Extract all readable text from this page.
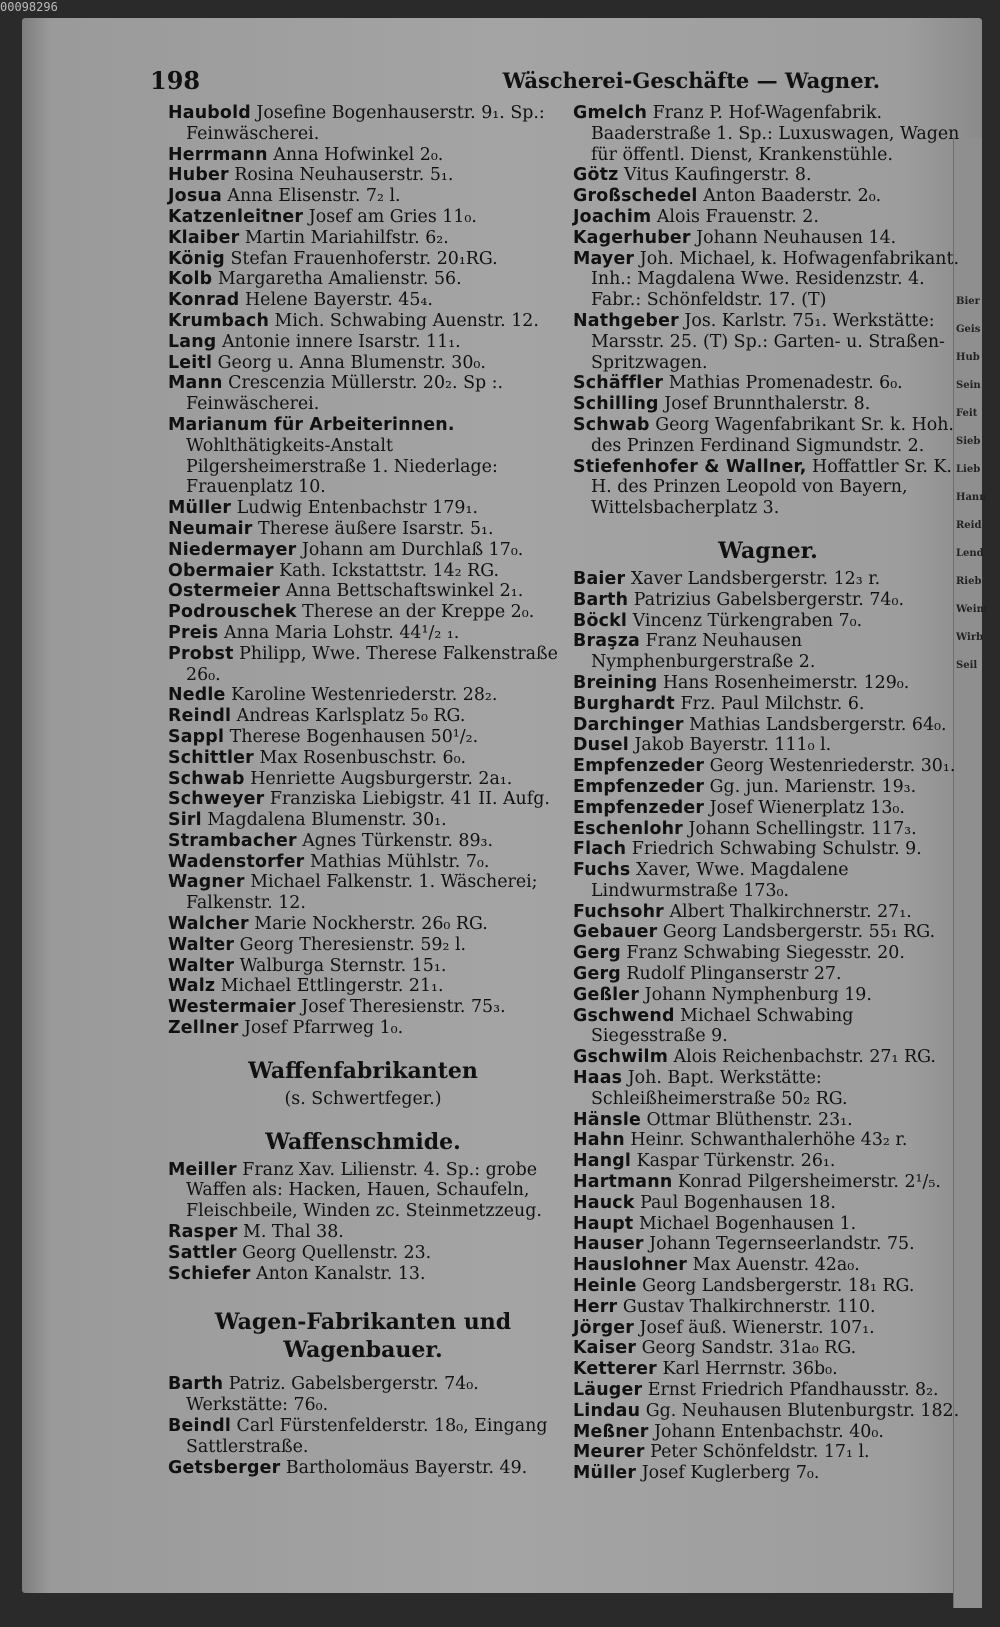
00098296
Bier
Geis
Hub
Sein
Feit
Sieb
Lieb
Hann
Reid
Lend
Rieb
Weim
Wirb
Seil
198	Wäscherei-Geschäfte — Wagner.

Haubold Josefine Bogenhauserstr. 9₁. Sp.: Feinwäscherei.

Herrmann Anna Hofwinkel 2₀.

Huber Rosina Neuhauserstr. 5₁.

Josua Anna Elisenstr. 7₂ l.

Katzenleitner Josef am Gries 11₀.

Klaiber Martin Mariahilfstr. 6₂.

König Stefan Frauenhoferstr. 20₁RG.

Kolb Margaretha Amalienstr. 56.

Konrad Helene Bayerstr. 45₄.

Krumbach Mich. Schwabing Auenstr. 12.

Lang Antonie innere Isarstr. 11₁.

Leitl Georg u. Anna Blumenstr. 30₀.

Mann Crescenzia Müllerstr. 20₂. Sp :. Feinwäscherei.

Marianum für Arbeiterinnen. Wohlthätigkeits-Anstalt Pilgersheimerstraße 1. Niederlage: Frauenplatz 10.

Müller Ludwig Entenbachstr 179₁.

Neumair Therese äußere Isarstr. 5₁.

Niedermayer Johann am Durchlaß 17₀.

Obermaier Kath. Ickstattstr. 14₂ RG.

Ostermeier Anna Bettschaftswinkel 2₁.

Podrouschek Therese an der Kreppe 2₀.

Preis Anna Maria Lohstr. 44¹/₂ ₁.

Probst Philipp, Wwe. Therese Falkenstraße 26₀.

Nedle Karoline Westenriederstr. 28₂.

Reindl Andreas Karlsplatz 5₀ RG.

Sappl Therese Bogenhausen 50¹/₂.

Schittler Max Rosenbuschstr. 6₀.

Schwab Henriette Augsburgerstr. 2a₁.

Schweyer Franziska Liebigstr. 41 II. Aufg.

Sirl Magdalena Blumenstr. 30₁.

Strambacher Agnes Türkenstr. 89₃.

Wadenstorfer Mathias Mühlstr. 7₀.

Wagner Michael Falkenstr. 1. Wäscherei; Falkenstr. 12.

Walcher Marie Nockherstr. 26₀ RG.

Walter Georg Theresienstr. 59₂ l.

Walter Walburga Sternstr. 15₁.

Walz Michael Ettlingerstr. 21₁.

Westermaier Josef Theresienstr. 75₃.

Zellner Josef Pfarrweg 1₀.

Waffenfabrikanten
(s. Schwertfeger.)
Waffenschmide.

Meiller Franz Xav. Lilienstr. 4. Sp.: grobe Waffen als: Hacken, Hauen, Schaufeln, Fleischbeile, Winden zc. Steinmetzzeug.

Rasper M. Thal 38.

Sattler Georg Quellenstr. 23.

Schiefer Anton Kanalstr. 13.

Wagen-Fabrikanten und Wagenbauer.

Barth Patriz. Gabelsbergerstr. 74₀. Werkstätte: 76₀.

Beindl Carl Fürstenfelderstr. 18₀, Eingang Sattlerstraße.

Getsberger Bartholomäus Bayerstr. 49.

Gmelch Franz P. Hof-Wagenfabrik. Baaderstraße 1. Sp.: Luxuswagen, Wagen für öffentl. Dienst, Krankenstühle.

Götz Vitus Kaufingerstr. 8.

Großschedel Anton Baaderstr. 2₀.

Joachim Alois Frauenstr. 2.

Kagerhuber Johann Neuhausen 14.

Mayer Joh. Michael, k. Hofwagenfabrikant. Inh.: Magdalena Wwe. Residenzstr. 4. Fabr.: Schönfeldstr. 17. (T)

Nathgeber Jos. Karlstr. 75₁. Werkstätte: Marsstr. 25. (T) Sp.: Garten- u. Straßen-Spritzwagen.

Schäffler Mathias Promenadestr. 6₀.

Schilling Josef Brunnthalerstr. 8.

Schwab Georg Wagenfabrikant Sr. k. Hoh. des Prinzen Ferdinand Sigmundstr. 2.

Stiefenhofer & Wallner, Hoffattler Sr. K. H. des Prinzen Leopold von Bayern, Wittelsbacherplatz 3.

Wagner.

Baier Xaver Landsbergerstr. 12₃ r.

Barth Patrizius Gabelsbergerstr. 74₀.

Böckl Vincenz Türkengraben 7₀.

Braşza Franz Neuhausen Nymphenburgerstraße 2.

Breining Hans Rosenheimerstr. 129₀.

Burghardt Frz. Paul Milchstr. 6.

Darchinger Mathias Landsbergerstr. 64₀.

Dusel Jakob Bayerstr. 111₀ l.

Empfenzeder Georg Westenriederstr. 30₁.

Empfenzeder Gg. jun. Marienstr. 19₃.

Empfenzeder Josef Wienerplatz 13₀.

Eschenlohr Johann Schellingstr. 117₃.

Flach Friedrich Schwabing Schulstr. 9.

Fuchs Xaver, Wwe. Magdalene Lindwurmstraße 173₀.

Fuchsohr Albert Thalkirchnerstr. 27₁.

Gebauer Georg Landsbergerstr. 55₁ RG.

Gerg Franz Schwabing Siegesstr. 20.

Gerg Rudolf Plinganserstr 27.

Geßler Johann Nymphenburg 19.

Gschwend Michael Schwabing Siegesstraße 9.

Gschwilm Alois Reichenbachstr. 27₁ RG.

Haas Joh. Bapt. Werkstätte: Schleißheimerstraße 50₂ RG.

Hänsle Ottmar Blüthenstr. 23₁.

Hahn Heinr. Schwanthalerhöhe 43₂ r.

Hangl Kaspar Türkenstr. 26₁.

Hartmann Konrad Pilgersheimerstr. 2¹/₅.

Hauck Paul Bogenhausen 18.

Haupt Michael Bogenhausen 1.

Hauser Johann Tegernseerlandstr. 75.

Hauslohner Max Auenstr. 42a₀.

Heinle Georg Landsbergerstr. 18₁ RG.

Herr Gustav Thalkirchnerstr. 110.

Jörger Josef äuß. Wienerstr. 107₁.

Kaiser Georg Sandstr. 31a₀ RG.

Ketterer Karl Herrnstr. 36b₀.

Läuger Ernst Friedrich Pfandhausstr. 8₂.

Lindau Gg. Neuhausen Blutenburgstr. 182.

Meßner Johann Entenbachstr. 40₀.

Meurer Peter Schönfeldstr. 17₁ l.

Müller Josef Kuglerberg 7₀.
